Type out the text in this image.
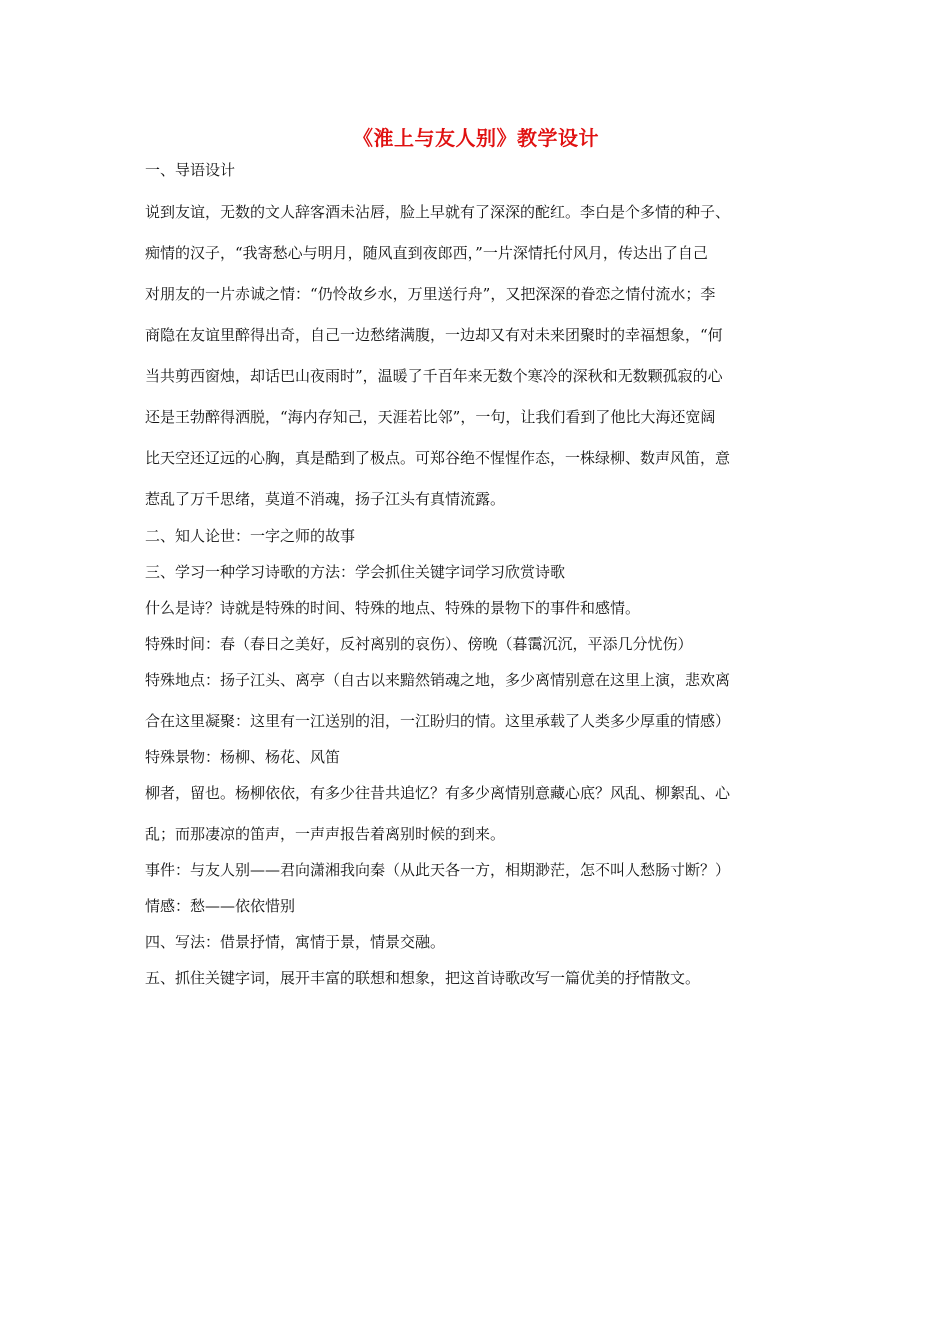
《淮上与友人别》教学设计

一、导语设计

说到友谊，无数的文人辞客酒未沾唇，脸上早就有了深深的酡红。李白是个多情的种子、

痴情的汉子，“我寄愁心与明月，随风直到夜郎西，”一片深情托付风月，传达出了自己

对朋友的一片赤诚之情：“仍怜故乡水，万里送行舟”，又把深深的眷恋之情付流水；李

商隐在友谊里醉得出奇，自己一边愁绪满腹，一边却又有对未来团聚时的幸福想象，“何

当共剪西窗烛，却话巴山夜雨时”，温暖了千百年来无数个寒冷的深秋和无数颗孤寂的心

还是王勃醉得洒脱，“海内存知己，天涯若比邻”，一句，让我们看到了他比大海还宽阔

比天空还辽远的心胸，真是酷到了极点。可郑谷绝不惺惺作态，一株绿柳、数声风笛，意

惹乱了万千思绪，莫道不消魂，扬子江头有真情流露。

二、知人论世：一字之师的故事

三、学习一种学习诗歌的方法：学会抓住关键字词学习欣赏诗歌

什么是诗？诗就是特殊的时间、特殊的地点、特殊的景物下的事件和感情。

特殊时间：春（春日之美好，反衬离别的哀伤）、傍晚（暮霭沉沉，平添几分忧伤）

特殊地点：扬子江头、离亭（自古以来黯然销魂之地，多少离情别意在这里上演，悲欢离

合在这里凝聚：这里有一江送别的泪，一江盼归的情。这里承载了人类多少厚重的情感）

特殊景物：杨柳、杨花、风笛

柳者，留也。杨柳依依，有多少往昔共追忆？有多少离情别意藏心底？风乱、柳絮乱、心

乱；而那凄凉的笛声，一声声报告着离别时候的到来。

事件：与友人别——君向潇湘我向秦（从此天各一方，相期渺茫，怎不叫人愁肠寸断？）

情感：愁——依依惜别

四、写法：借景抒情，寓情于景，情景交融。

五、抓住关键字词，展开丰富的联想和想象，把这首诗歌改写一篇优美的抒情散文。
